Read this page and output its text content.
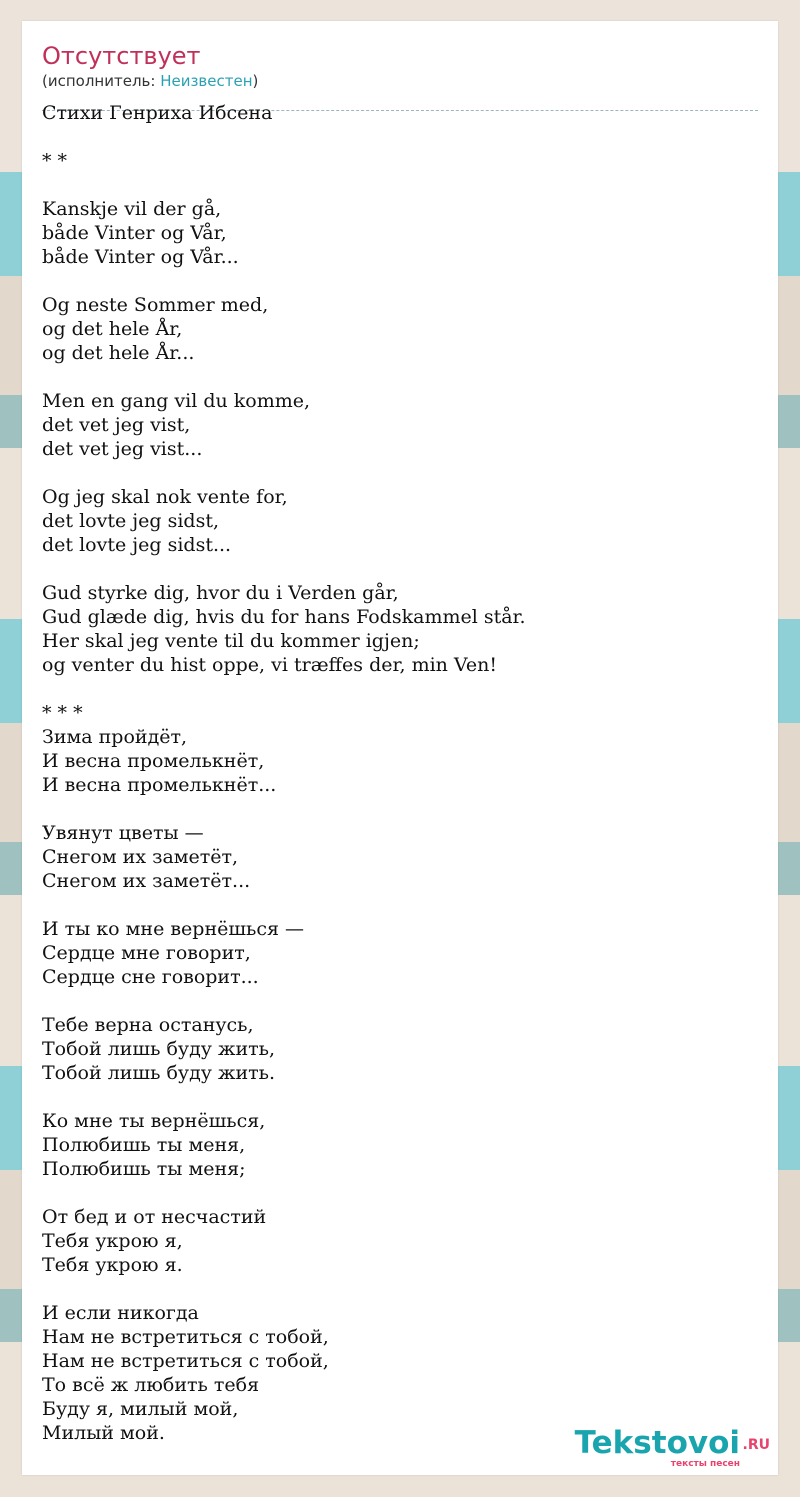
Отсутствует
(исполнитель: Неизвестен)
Стихи Генриха Ибсена
* *
Kanskje vil der gå,
både Vinter og Vår,
både Vinter og Vår...
Og neste Sommer med,
og det hele År,
og det hele År...
Men en gang vil du komme,
det vet jeg vist,
det vet jeg vist...
Og jeg skal nok vente for,
det lovte jeg sidst,
det lovte jeg sidst...
Gud styrke dig, hvor du i Verden går,
Gud glæde dig, hvis du for hans Fodskammel står.
Her skal jeg vente til du kommer igjen;
og venter du hist oppe, vi træffes der, min Ven!
* * *
Зима пройдёт,
И весна промелькнёт,
И весна промелькнёт...
Увянут цветы —
Снегом их заметёт,
Снегом их заметёт...
И ты ко мне вернёшься —
Сердце мне говорит,
Сердце сне говорит...
Тебе верна останусь,
Тобой лишь буду жить,
Тобой лишь буду жить.
Ко мне ты вернёшься,
Полюбишь ты меня,
Полюбишь ты меня;
От бед и от несчастий
Тебя укрою я,
Тебя укрою я.
И если никогда
Нам не встретиться с тобой,
Нам не встретиться с тобой,
То всё ж любить тебя
Буду я, милый мой,
Милый мой.	Tekstovoi .RU
тексты песен
